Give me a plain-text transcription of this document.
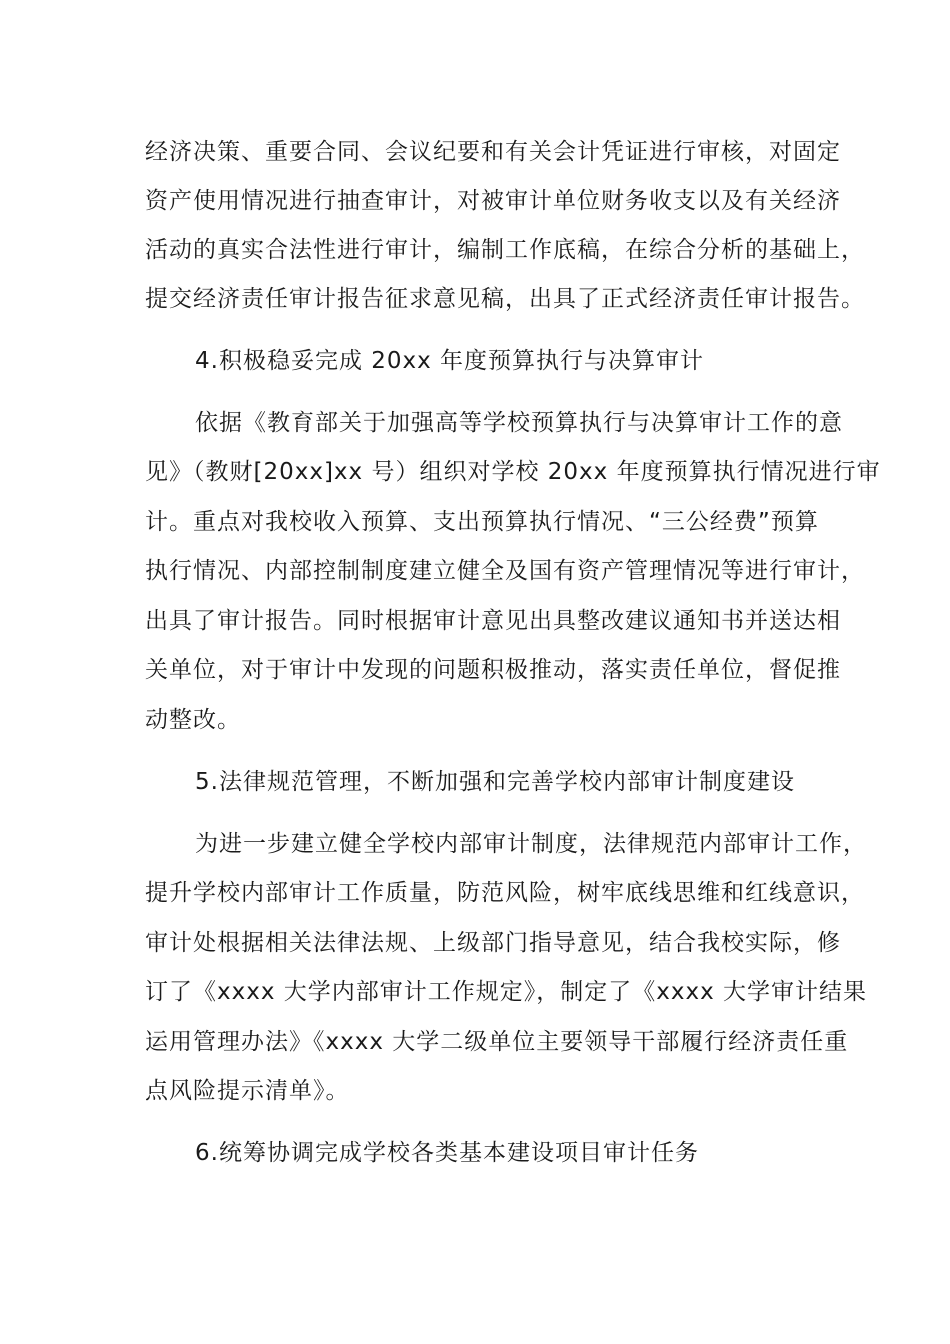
经济决策、重要合同、会议纪要和有关会计凭证进行审核，对固定
资产使用情况进行抽查审计，对被审计单位财务收支以及有关经济
活动的真实合法性进行审计，编制工作底稿，在综合分析的基础上，
提交经济责任审计报告征求意见稿，出具了正式经济责任审计报告。
4.积极稳妥完成 20xx 年度预算执行与决算审计
依据《教育部关于加强高等学校预算执行与决算审计工作的意
见》（教财[20xx]xx 号）组织对学校 20xx 年度预算执行情况进行审
计。重点对我校收入预算、支出预算执行情况、“三公经费”预算
执行情况、内部控制制度建立健全及国有资产管理情况等进行审计，
出具了审计报告。同时根据审计意见出具整改建议通知书并送达相
关单位，对于审计中发现的问题积极推动，落实责任单位，督促推
动整改。
5.法律规范管理，不断加强和完善学校内部审计制度建设
为进一步建立健全学校内部审计制度，法律规范内部审计工作，
提升学校内部审计工作质量，防范风险，树牢底线思维和红线意识，
审计处根据相关法律法规、上级部门指导意见，结合我校实际，修
订了《xxxx 大学内部审计工作规定》，制定了《xxxx 大学审计结果
运用管理办法》《xxxx 大学二级单位主要领导干部履行经济责任重
点风险提示清单》。
6.统筹协调完成学校各类基本建设项目审计任务
